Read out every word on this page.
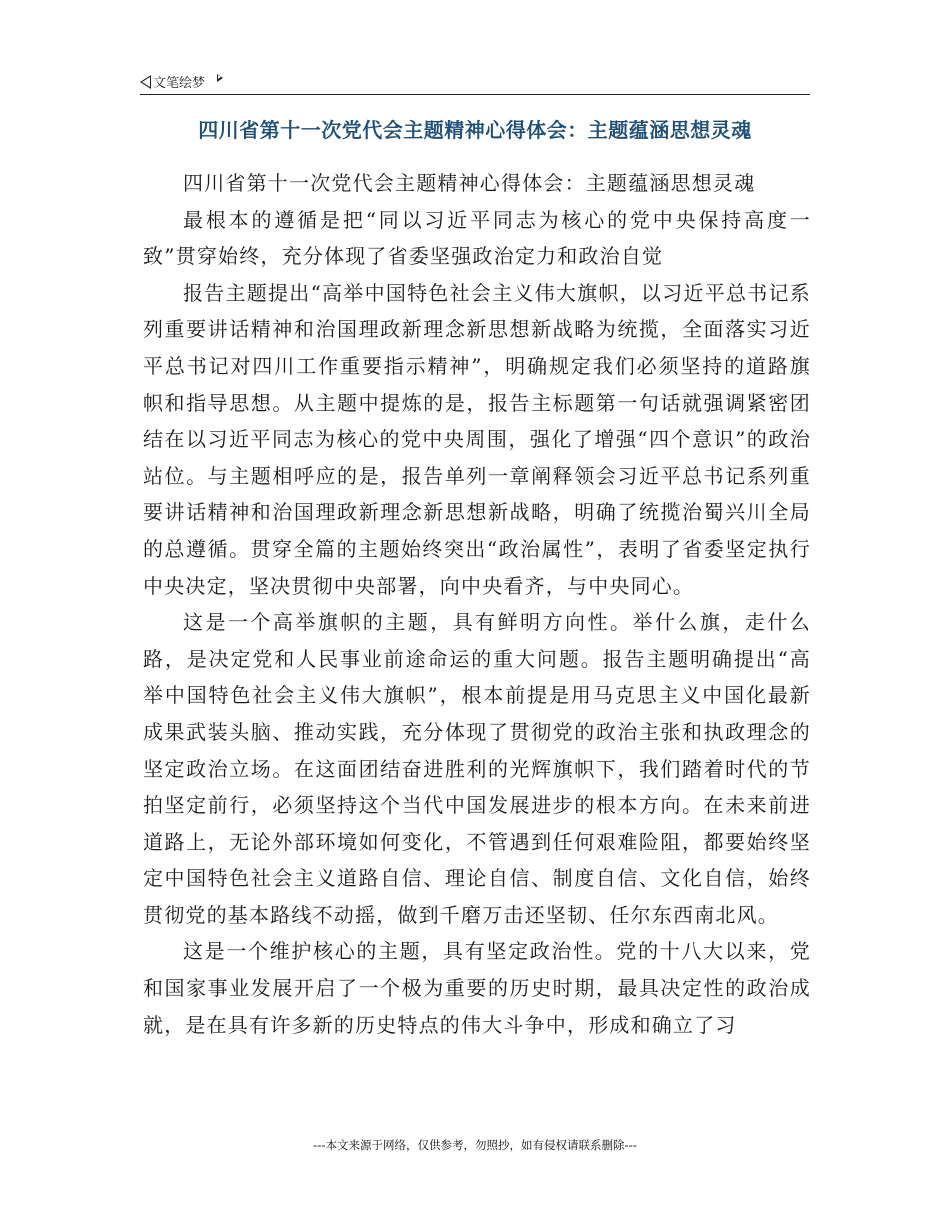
文笔绘梦
四川省第十一次党代会主题精神心得体会：主题蕴涵思想灵魂

四川省第十一次党代会主题精神心得体会：主题蕴涵思想灵魂

最根本的遵循是把“同以习近平同志为核心的党中央保持高度一致”贯穿始终，充分体现了省委坚强政治定力和政治自觉

报告主题提出“高举中国特色社会主义伟大旗帜，以习近平总书记系列重要讲话精神和治国理政新理念新思想新战略为统揽，全面落实习近平总书记对四川工作重要指示精神”，明确规定我们必须坚持的道路旗帜和指导思想。从主题中提炼的是，报告主标题第一句话就强调紧密团结在以习近平同志为核心的党中央周围，强化了增强“四个意识”的政治站位。与主题相呼应的是，报告单列一章阐释领会习近平总书记系列重要讲话精神和治国理政新理念新思想新战略，明确了统揽治蜀兴川全局的总遵循。贯穿全篇的主题始终突出“政治属性”，表明了省委坚定执行中央决定，坚决贯彻中央部署，向中央看齐，与中央同心。

这是一个高举旗帜的主题，具有鲜明方向性。举什么旗，走什么路，是决定党和人民事业前途命运的重大问题。报告主题明确提出“高举中国特色社会主义伟大旗帜”，根本前提是用马克思主义中国化最新成果武装头脑、推动实践，充分体现了贯彻党的政治主张和执政理念的坚定政治立场。在这面团结奋进胜利的光辉旗帜下，我们踏着时代的节拍坚定前行，必须坚持这个当代中国发展进步的根本方向。在未来前进道路上，无论外部环境如何变化，不管遇到任何艰难险阻，都要始终坚定中国特色社会主义道路自信、理论自信、制度自信、文化自信，始终贯彻党的基本路线不动摇，做到千磨万击还坚韧、任尔东西南北风。

这是一个维护核心的主题，具有坚定政治性。党的十八大以来，党和国家事业发展开启了一个极为重要的历史时期，最具决定性的政治成就，是在具有许多新的历史特点的伟大斗争中，形成和确立了习

---本文来源于网络，仅供参考，勿照抄，如有侵权请联系删除---
